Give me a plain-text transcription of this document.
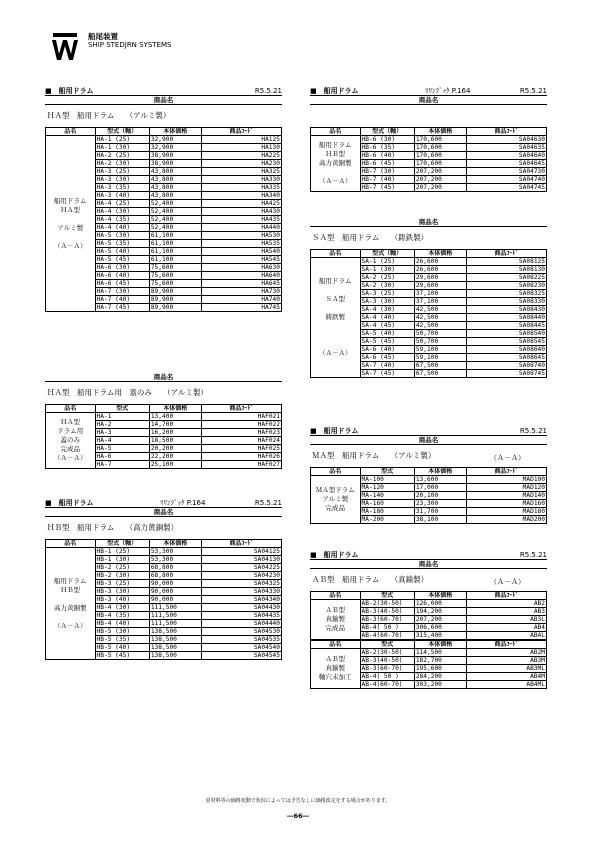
船尾装置
SHIP STEDJRN SYSTEMS
■　船用ドラム	R5.5.21
商品名
ＨＡ型　船用ドラム　　（アルミ製）
品名	型式（軸）	本体価格	商品ｺｰﾄﾞ

船用ドラム
ＨＡ型

アルミ製

（Ａ－Ａ）	HA-1 (25)	32,900	HA125
	HA-1 (30)	32,900	HA130
	HA-2 (25)	38,900	HA225
	HA-2 (30)	38,900	HA230
	HA-3 (25)	43,800	HA325
	HA-3 (30)	43,800	HA330
	HA-3 (35)	43,800	HA335
	HA-3 (40)	43,800	HA340
	HA-4 (25)	52,400	HA425
	HA-4 (30)	52,400	HA430
	HA-4 (35)	52,400	HA435
	HA-4 (40)	52,400	HA440
	HA-5 (30)	61,100	HA530
	HA-5 (35)	61,100	HA535
	HA-5 (40)	61,100	HA540
	HA-5 (45)	61,100	HA545
	HA-6 (30)	75,600	HA630
	HA-6 (40)	75,600	HA640
	HA-6 (45)	75,600	HA645
	HA-7 (30)	89,900	HA730
	HA-7 (40)	89,900	HA740
	HA-7 (45)	89,900	HA745
商品名
ＨＡ型　船用ドラム用　蓋のみ　　（アルミ製）
品名	型式	本体価格	商品ｺｰﾄﾞ

ＨＡ型
ドラム用
蓋のみ
完成品
（Ａ－Ａ）	HA-1	13,400	HAF021
	HA-2	14,700	HAF022
	HA-3	16,200	HAF023
	HA-4	18,500	HAF024
	HA-5	20,200	HAF025
	HA-6	22,200	HAF026
	HA-7	25,100	HAF027
■　船用ドラム	ﾏﾘﾝﾌﾞｯｸ P.164	R5.5.21
商品名
ＨＢ型　船用ドラム　　（高力黄銅製）
品名	型式（軸）	本体価格	商品ｺｰﾄﾞ

船用ドラム
ＨＢ型

高力黄銅製

（Ａ－Ａ）	HB-1 (25)	53,300	SA04125
	HB-1 (30)	53,300	SA04130
	HB-2 (25)	68,800	SA04225
	HB-2 (30)	68,800	SA04230
	HB-3 (25)	90,000	SA04325
	HB-3 (30)	90,000	SA04330
	HB-3 (40)	90,000	SA04340
	HB-4 (30)	111,500	SA04430
	HB-4 (35)	111,500	SA04435
	HB-4 (40)	111,500	SA04440
	HB-5 (30)	138,500	SA04530
	HB-5 (35)	138,500	SA04535
	HB-5 (40)	138,500	SA04540
	HB-5 (45)	138,500	SA04545
■　船用ドラム	ﾏﾘﾝﾌﾞｯｸ P.164	R5.5.21
商品名
品名	型式（軸）	本体価格	商品ｺｰﾄﾞ

船用ドラム
ＨＢ型
高力黄銅製

（Ａ－Ａ）	HB-6 (30)	170,600	SA04630
	HB-6 (35)	170,600	SA04635
	HB-6 (40)	170,600	SA04640
	HB-6 (45)	170,600	SA04645
	HB-7 (30)	207,200	SA04730
	HB-7 (40)	207,200	SA04740
	HB-7 (45)	207,200	SA04745
商品名
ＳＡ型　船用ドラム　　（鋳鉄製）
品名	型式（軸）	本体価格	商品ｺｰﾄﾞ

船用ドラム

ＳＡ型

鋳鉄製

（Ａ－Ａ）	SA-1 (25)	26,600	SA08125
	SA-1 (30)	26,600	SA08130
	SA-2 (25)	29,600	SA08225
	SA-2 (30)	29,600	SA08230
	SA-3 (25)	37,100	SA08325
	SA-3 (30)	37,100	SA08330
	SA-4 (30)	42,500	SA08430
	SA-4 (40)	42,500	SA08440
	SA-4 (45)	42,500	SA08445
	SA-5 (40)	50,700	SA08540
	SA-5 (45)	50,700	SA08545
	SA-6 (40)	59,100	SA08640
	SA-6 (45)	59,100	SA08645
	SA-7 (40)	67,500	SA08740
	SA-7 (45)	67,500	SA08745
■　船用ドラム	R5.5.21
商品名
ＭＡ型　船用ドラム　　（アルミ製）	（Ａ－Ａ）
品名	型式	本体価格	商品ｺｰﾄﾞ

ＭＡ型ドラム
アルミ製
完成品	MA-100	13,600	MAD100
	MA-120	17,000	MAD120
	MA-140	20,100	MAD140
	MA-160	23,300	MAD160
	MA-180	31,700	MAD180
	MA-200	38,100	MAD200
■　船用ドラム	R5.5.21
商品名
ＡＢ型　船用ドラム　　（真鍮製）	（Ａ－Ａ）
品名	型式	本体価格	商品ｺｰﾄﾞ

ＡＢ型
真鍮製
完成品	AB-2(30-50)	126,000	AB2
	AB-3(40-50)	194,200	AB3
	AB-3(60-70)	207,200	AB3L
	AB-4( 50 )	306,600	AB4
	AB-4(60-70)	315,400	AB4L
品名	型式	本体価格	商品ｺｰﾄﾞ

ＡＢ型
真鍮製
軸穴未加工	AB-2(30-50)	114,500	AB2M
	AB-3(40-50)	182,700	AB3M
	AB-3(60-70)	195,600	AB3ML
	AB-4( 50 )	284,200	AB4M
	AB-4(60-70)	303,200	AB4ML
原材料等の価格変動で状況によっては予告なしに価格改定をする場合があります。
―66―
